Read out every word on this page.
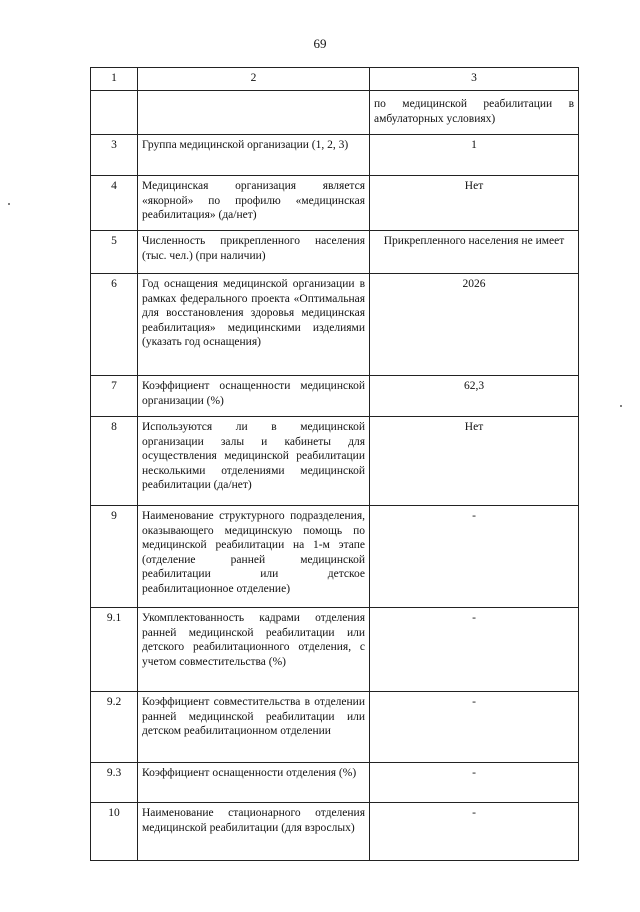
69
1	2	3
		по медицинской реабилитации в амбулаторных условиях)
3	Группа медицинской организации (1, 2, 3)	1
4	Медицинская организация является «якорной» по профилю «медицинская реабилитация» (да/нет)	Нет
5	Численность прикрепленного населения (тыс. чел.) (при наличии)	Прикрепленного населения не имеет
6	Год оснащения медицинской организации в рамках федерального проекта «Оптимальная для восстановления здоровья медицинская реабилитация» медицинскими изделиями (указать год оснащения)	2026
7	Коэффициент оснащенности медицинской организации (%)	62,3
8	Используются ли в медицинской организации залы и кабинеты для осуществления медицинской реабилитации несколькими отделениями медицинской реабилитации (да/нет)	Нет
9	Наименование структурного подразделения, оказывающего медицинскую помощь по медицинской реабилитации на 1-м этапе (отделение ранней медицинской реабилитации или детское реабилитационное отделение)	-
9.1	Укомплектованность кадрами отделения ранней медицинской реабилитации или детского реабилитационного отделения, с учетом совместительства (%)	-
9.2	Коэффициент совместительства в отделении ранней медицинской реабилитации или детском реабилитационном отделении	-
9.3	Коэффициент оснащенности отделения (%)	-
10	Наименование стационарного отделения медицинской реабилитации (для взрослых)	-
